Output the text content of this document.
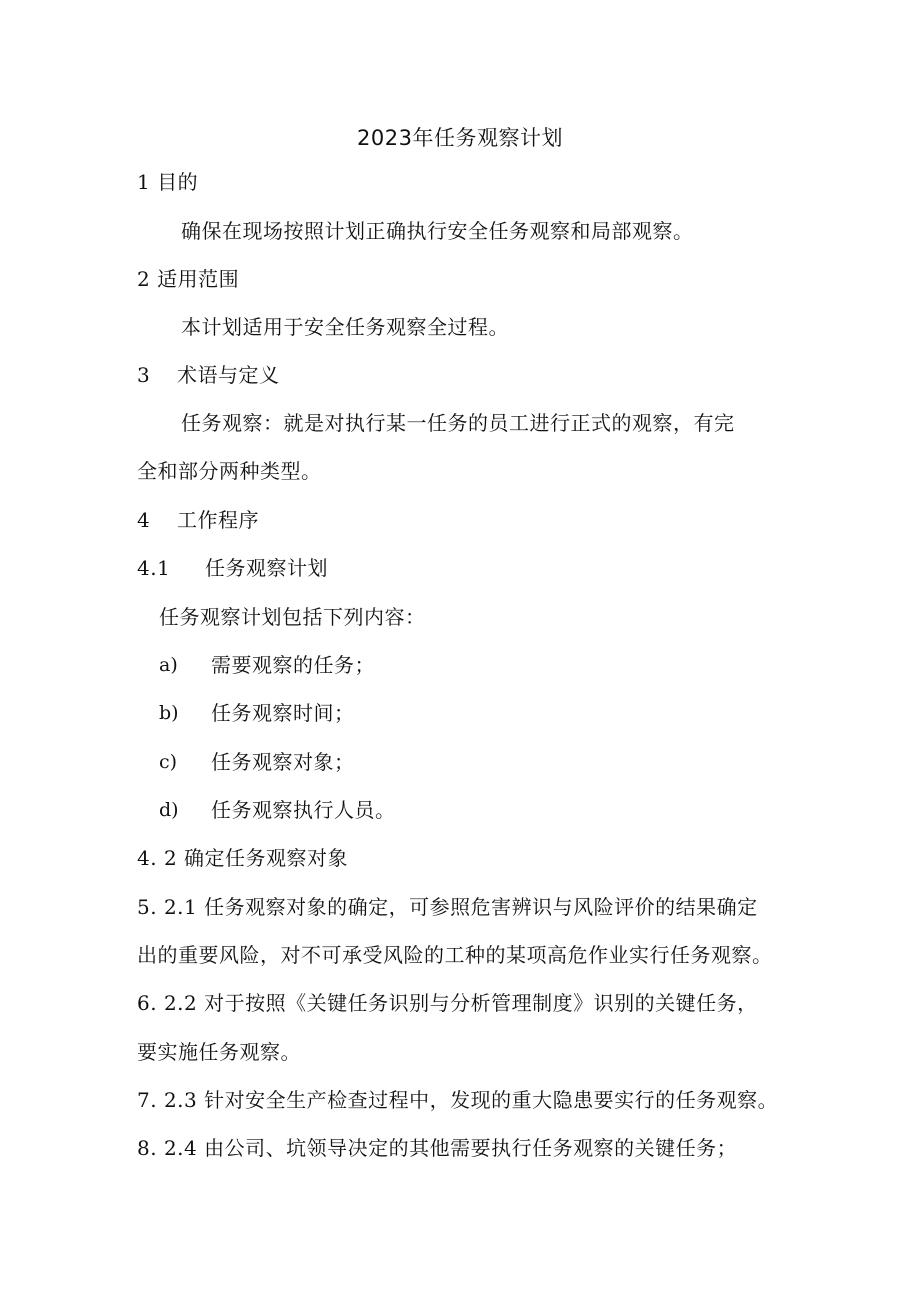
2023年任务观察计划
1 目的
确保在现场按照计划正确执行安全任务观察和局部观察。
2 适用范围
本计划适用于安全任务观察全过程。
3 术语与定义
任务观察：就是对执行某一任务的员工进行正式的观察，有完
全和部分两种类型。
4 工作程序
4.1 任务观察计划
任务观察计划包括下列内容：
a) 需要观察的任务；
b) 任务观察时间；
c) 任务观察对象；
d) 任务观察执行人员。
4. 2 确定任务观察对象
5. 2.1 任务观察对象的确定，可参照危害辨识与风险评价的结果确定
出的重要风险，对不可承受风险的工种的某项高危作业实行任务观察。
6. 2.2 对于按照《关键任务识别与分析管理制度》识别的关键任务，
要实施任务观察。
7. 2.3 针对安全生产检查过程中，发现的重大隐患要实行的任务观察。
8. 2.4 由公司、坑领导决定的其他需要执行任务观察的关键任务；
